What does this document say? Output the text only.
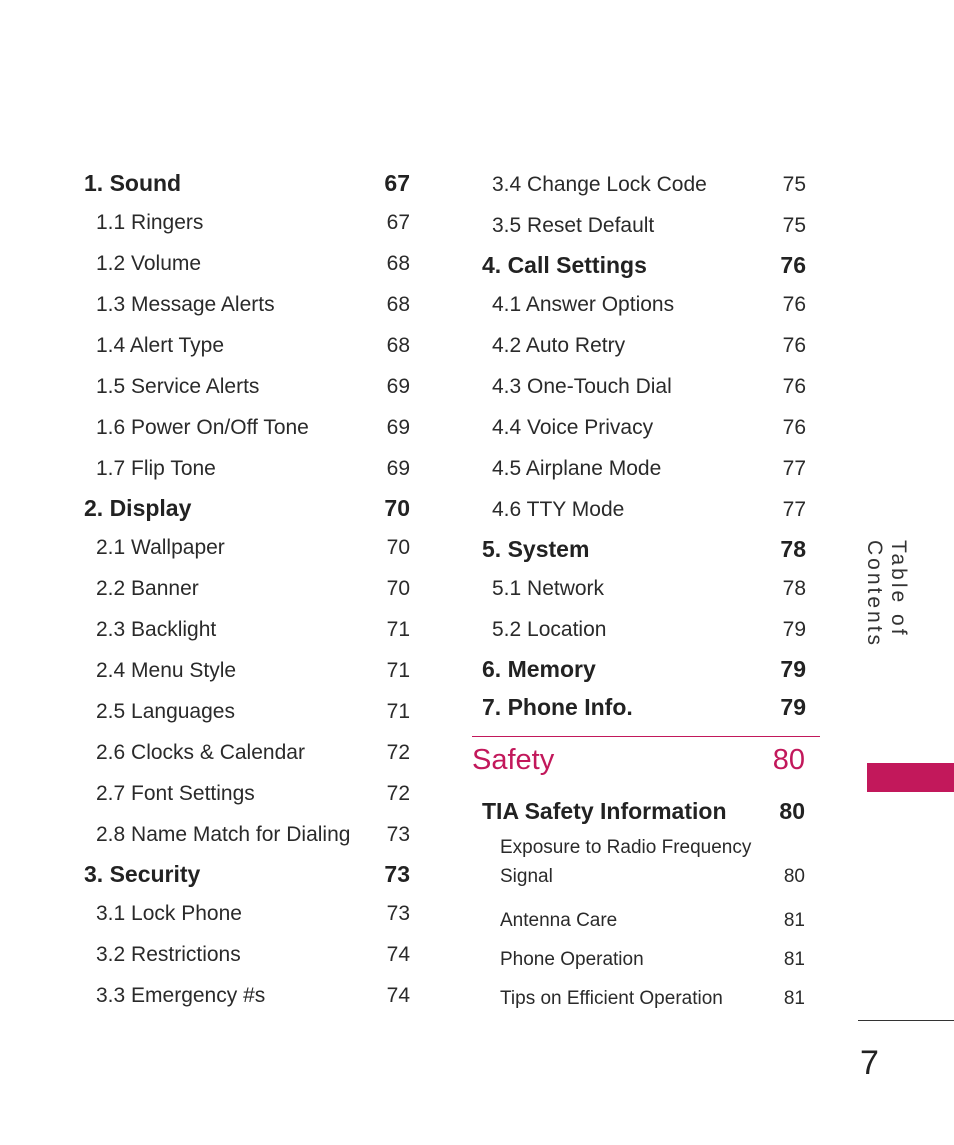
1. Sound	67
1.1 Ringers	67
1.2 Volume	68
1.3 Message Alerts	68
1.4 Alert Type	68
1.5 Service Alerts	69
1.6 Power On/Off Tone	69
1.7 Flip Tone	69
2. Display	70
2.1 Wallpaper	70
2.2 Banner	70
2.3 Backlight	71
2.4 Menu Style	71
2.5 Languages	71
2.6 Clocks & Calendar	72
2.7 Font Settings	72
2.8 Name Match for Dialing 73
3. Security	73
3.1 Lock Phone	73
3.2 Restrictions	74
3.3 Emergency #s	74
3.4 Change Lock Code	75
3.5 Reset Default	75
4. Call Settings	76
4.1 Answer Options	76
4.2 Auto Retry	76
4.3 One-Touch Dial	76
4.4 Voice Privacy	76
4.5 Airplane Mode	77
4.6 TTY Mode	77
5. System	78
5.1 Network	78
5.2 Location	79
6. Memory	79
7. Phone Info.	79
Safety	80
TIA Safety Information 80
Exposure to Radio Frequency
Signal	80
Antenna Care	81
Phone Operation	81
Tips on Efficient Operation	81
Table of Contents
7
